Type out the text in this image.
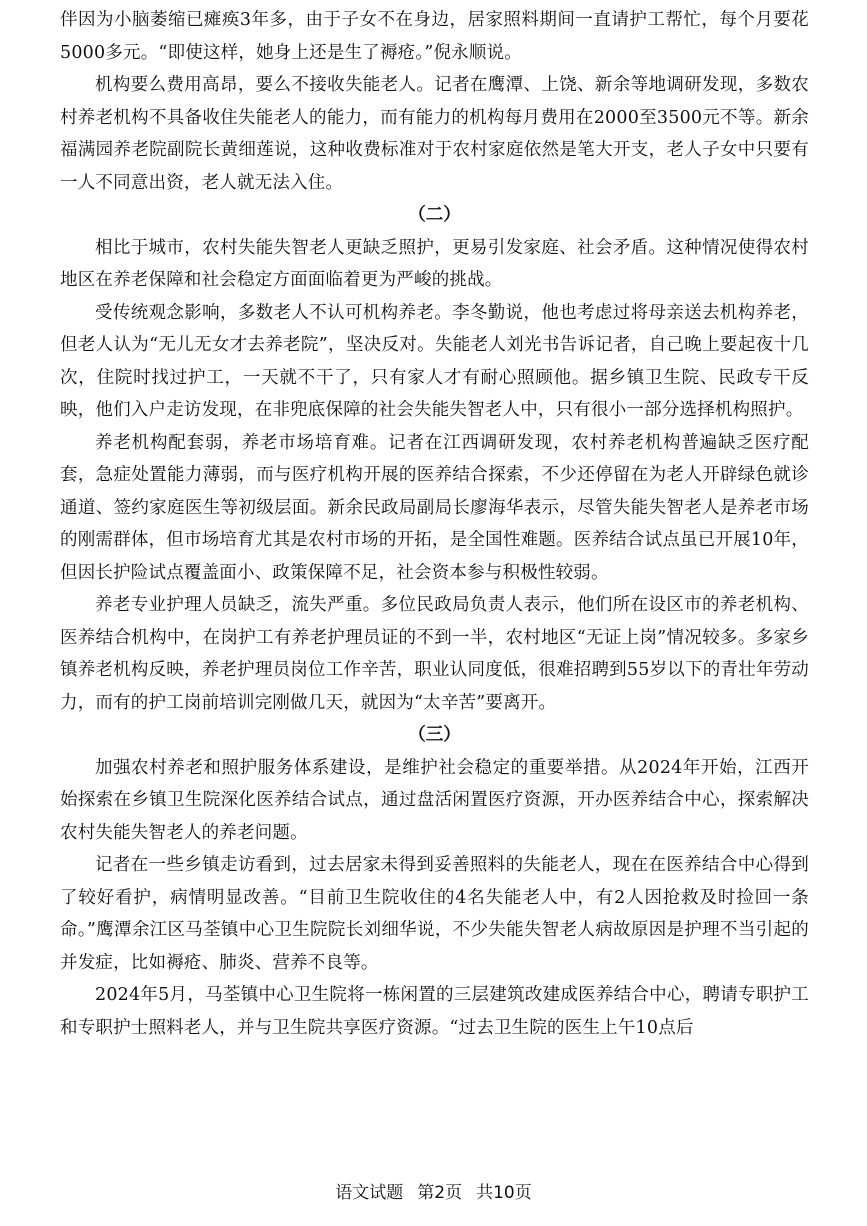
伴因为小脑萎缩已瘫痪3年多，由于子女不在身边，居家照料期间一直请护工帮忙，每个月要花5000多元。“即使这样，她身上还是生了褥疮。”倪永顺说。

机构要么费用高昂，要么不接收失能老人。记者在鹰潭、上饶、新余等地调研发现，多数农村养老机构不具备收住失能老人的能力，而有能力的机构每月费用在2000至3500元不等。新余福满园养老院副院长黄细莲说，这种收费标准对于农村家庭依然是笔大开支，老人子女中只要有一人不同意出资，老人就无法入住。

（二）

相比于城市，农村失能失智老人更缺乏照护，更易引发家庭、社会矛盾。这种情况使得农村地区在养老保障和社会稳定方面面临着更为严峻的挑战。

受传统观念影响，多数老人不认可机构养老。李冬勤说，他也考虑过将母亲送去机构养老，但老人认为“无儿无女才去养老院”，坚决反对。失能老人刘光书告诉记者，自己晚上要起夜十几次，住院时找过护工，一天就不干了，只有家人才有耐心照顾他。据乡镇卫生院、民政专干反映，他们入户走访发现，在非兜底保障的社会失能失智老人中，只有很小一部分选择机构照护。

养老机构配套弱，养老市场培育难。记者在江西调研发现，农村养老机构普遍缺乏医疗配套，急症处置能力薄弱，而与医疗机构开展的医养结合探索，不少还停留在为老人开辟绿色就诊通道、签约家庭医生等初级层面。新余民政局副局长廖海华表示，尽管失能失智老人是养老市场的刚需群体，但市场培育尤其是农村市场的开拓，是全国性难题。医养结合试点虽已开展10年，但因长护险试点覆盖面小、政策保障不足，社会资本参与积极性较弱。

养老专业护理人员缺乏，流失严重。多位民政局负责人表示，他们所在设区市的养老机构、医养结合机构中，在岗护工有养老护理员证的不到一半，农村地区“无证上岗”情况较多。多家乡镇养老机构反映，养老护理员岗位工作辛苦，职业认同度低，很难招聘到55岁以下的青壮年劳动力，而有的护工岗前培训完刚做几天，就因为“太辛苦”要离开。

（三）

加强农村养老和照护服务体系建设，是维护社会稳定的重要举措。从2024年开始，江西开始探索在乡镇卫生院深化医养结合试点，通过盘活闲置医疗资源，开办医养结合中心，探索解决农村失能失智老人的养老问题。

记者在一些乡镇走访看到，过去居家未得到妥善照料的失能老人，现在在医养结合中心得到了较好看护，病情明显改善。“目前卫生院收住的4名失能老人中，有2人因抢救及时捡回一条命。”鹰潭余江区马荃镇中心卫生院院长刘细华说，不少失能失智老人病故原因是护理不当引起的并发症，比如褥疮、肺炎、营养不良等。

2024年5月，马荃镇中心卫生院将一栋闲置的三层建筑改建成医养结合中心，聘请专职护工和专职护士照料老人，并与卫生院共享医疗资源。“过去卫生院的医生上午10点后

语文试题 第2页 共10页
